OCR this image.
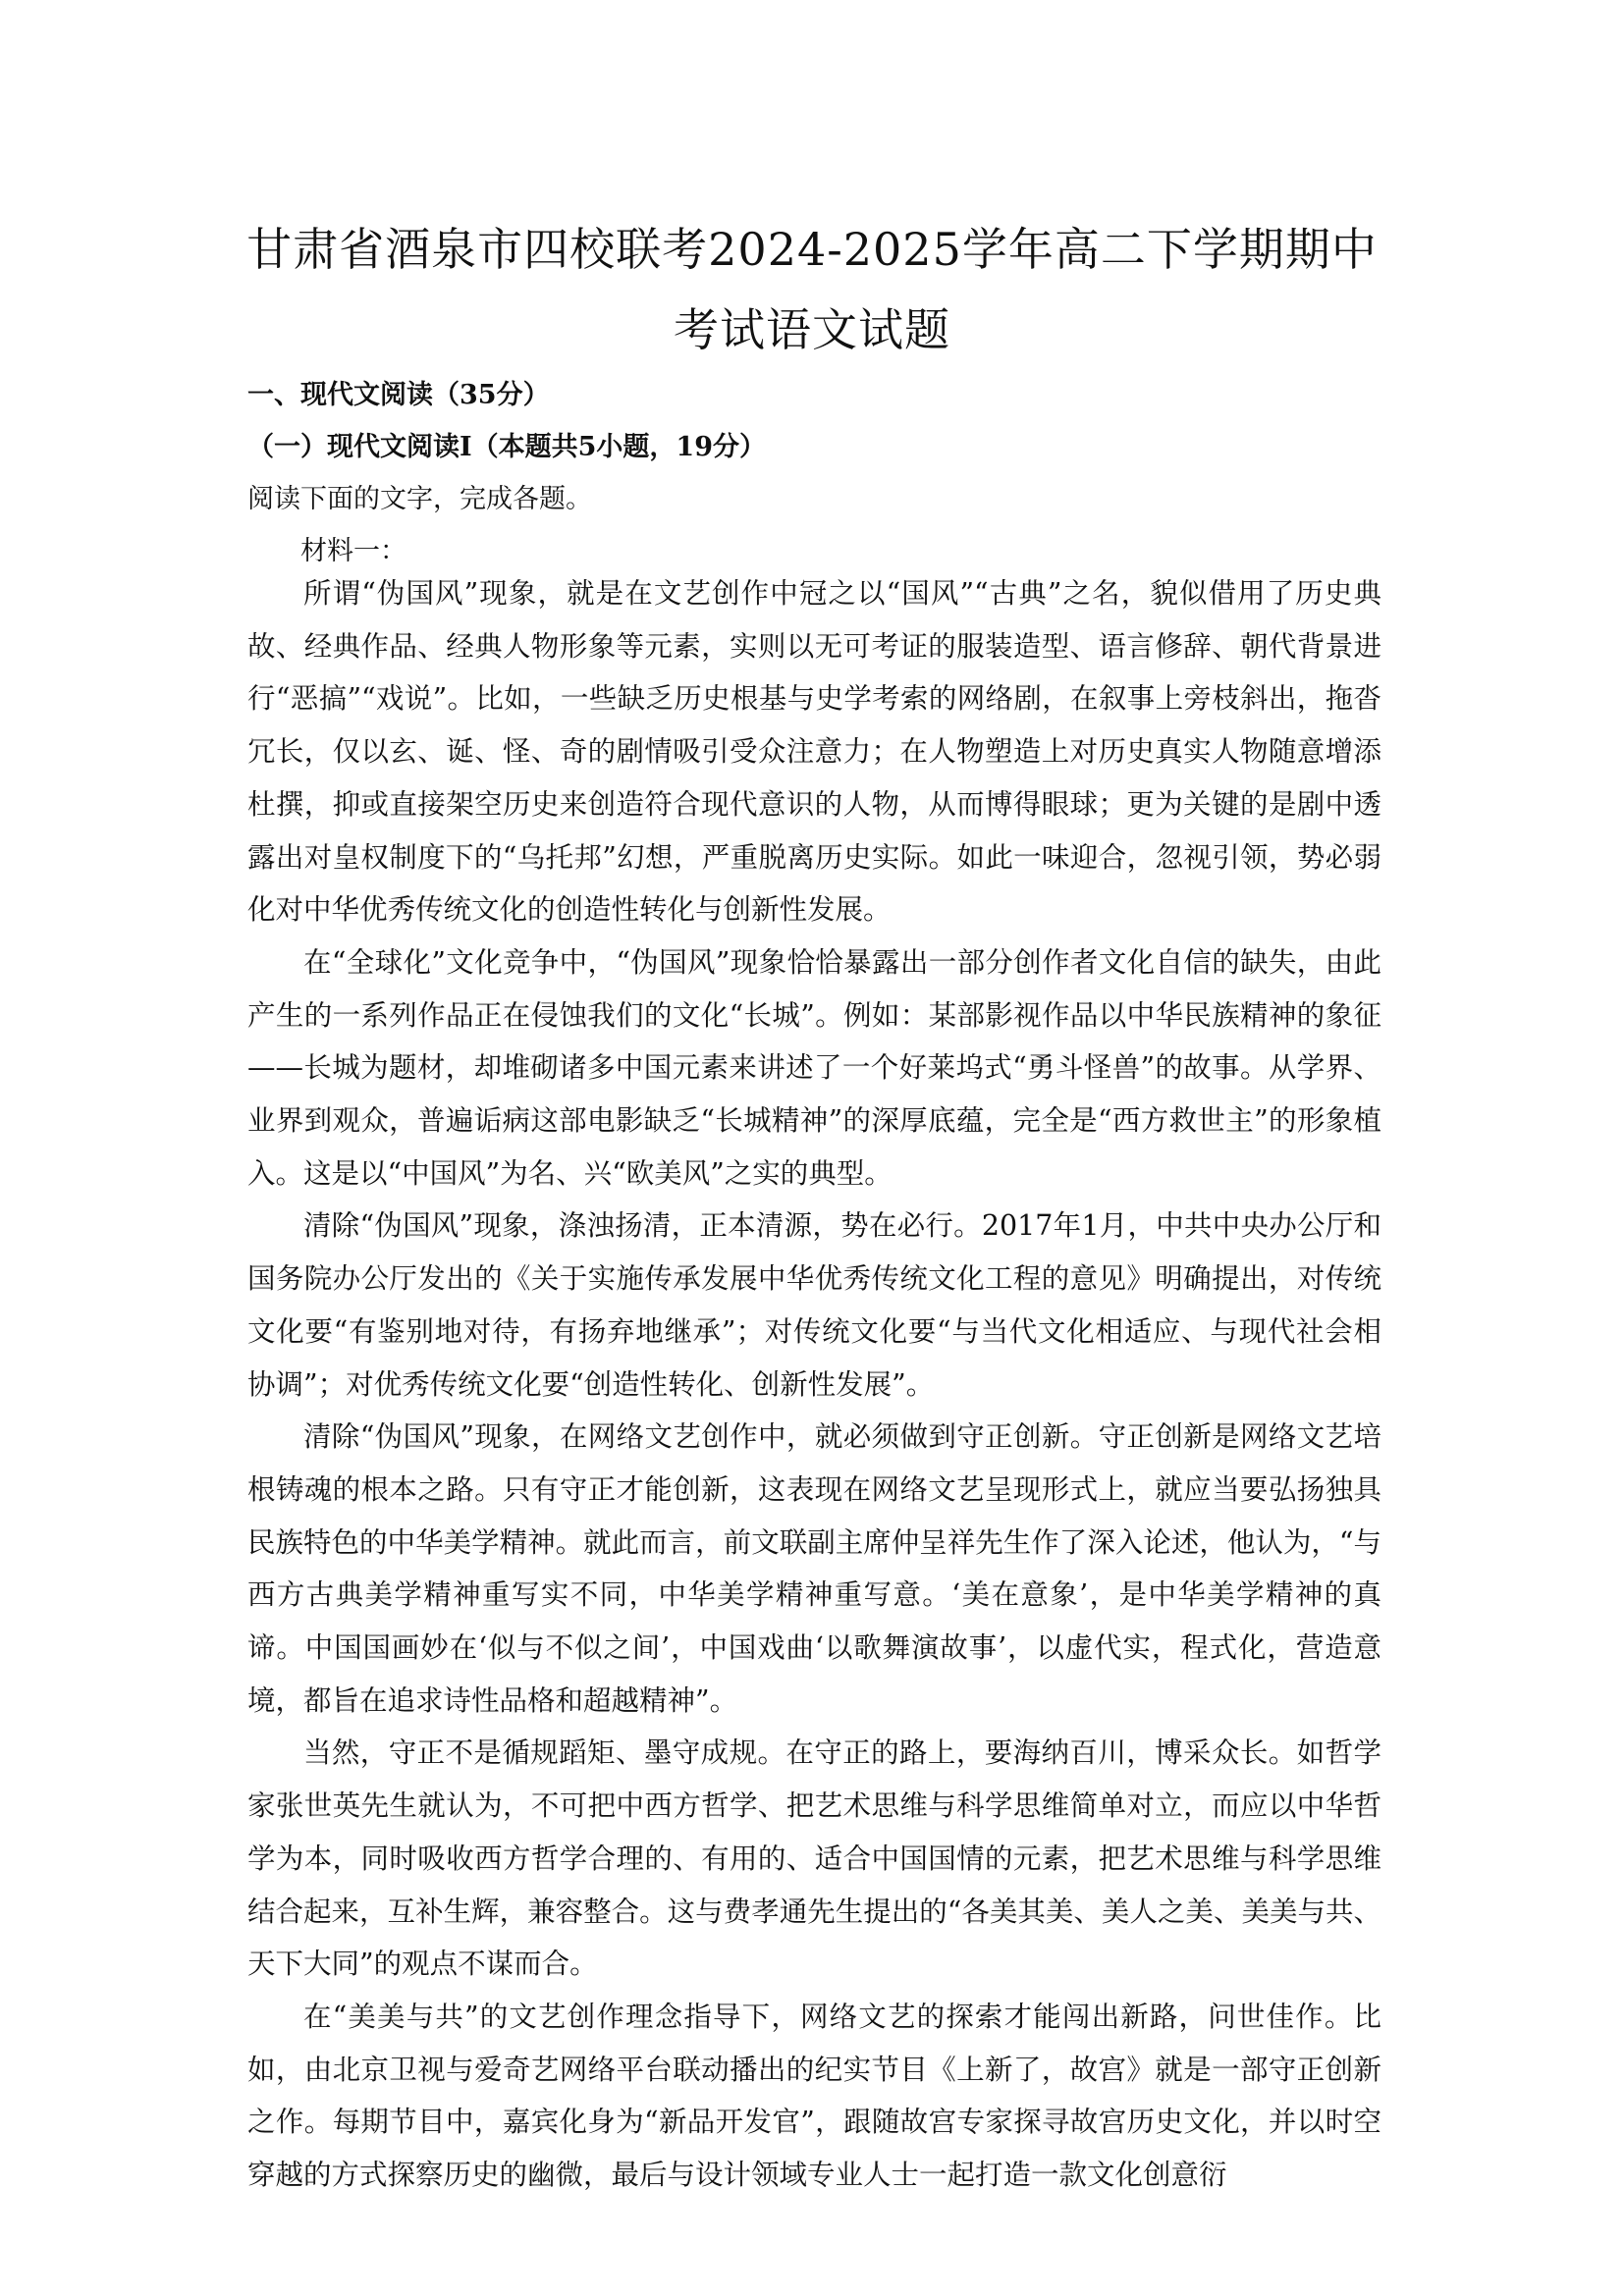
甘肃省酒泉市四校联考2024-2025学年高二下学期期中
考试语文试题
一、现代文阅读（35分）
（一）现代文阅读Ⅰ（本题共5小题，19分）
阅读下面的文字，完成各题。
材料一：

所谓“伪国风”现象，就是在文艺创作中冠之以“国风”“古典”之名，貌似借用了历史典故、经典作品、经典人物形象等元素，实则以无可考证的服装造型、语言修辞、朝代背景进行“恶搞”“戏说”。比如，一些缺乏历史根基与史学考索的网络剧，在叙事上旁枝斜出，拖沓冗长，仅以玄、诞、怪、奇的剧情吸引受众注意力；在人物塑造上对历史真实人物随意增添杜撰，抑或直接架空历史来创造符合现代意识的人物，从而博得眼球；更为关键的是剧中透露出对皇权制度下的“乌托邦”幻想，严重脱离历史实际。如此一味迎合，忽视引领，势必弱化对中华优秀传统文化的创造性转化与创新性发展。

在“全球化”文化竞争中，“伪国风”现象恰恰暴露出一部分创作者文化自信的缺失，由此产生的一系列作品正在侵蚀我们的文化“长城”。例如：某部影视作品以中华民族精神的象征——长城为题材，却堆砌诸多中国元素来讲述了一个好莱坞式“勇斗怪兽”的故事。从学界、业界到观众，普遍诟病这部电影缺乏“长城精神”的深厚底蕴，完全是“西方救世主”的形象植入。这是以“中国风”为名、兴“欧美风”之实的典型。

清除“伪国风”现象，涤浊扬清，正本清源，势在必行。2017年1月，中共中央办公厅和国务院办公厅发出的《关于实施传承发展中华优秀传统文化工程的意见》明确提出，对传统文化要“有鉴别地对待，有扬弃地继承”；对传统文化要“与当代文化相适应、与现代社会相协调”；对优秀传统文化要“创造性转化、创新性发展”。

清除“伪国风”现象，在网络文艺创作中，就必须做到守正创新。守正创新是网络文艺培根铸魂的根本之路。只有守正才能创新，这表现在网络文艺呈现形式上，就应当要弘扬独具民族特色的中华美学精神。就此而言，前文联副主席仲呈祥先生作了深入论述，他认为，“与西方古典美学精神重写实不同，中华美学精神重写意。‘美在意象’，是中华美学精神的真谛。中国国画妙在‘似与不似之间’，中国戏曲‘以歌舞演故事’，以虚代实，程式化，营造意境，都旨在追求诗性品格和超越精神”。

当然，守正不是循规蹈矩、墨守成规。在守正的路上，要海纳百川，博采众长。如哲学家张世英先生就认为，不可把中西方哲学、把艺术思维与科学思维简单对立，而应以中华哲学为本，同时吸收西方哲学合理的、有用的、适合中国国情的元素，把艺术思维与科学思维结合起来，互补生辉，兼容整合。这与费孝通先生提出的“各美其美、美人之美、美美与共、天下大同”的观点不谋而合。

在“美美与共”的文艺创作理念指导下，网络文艺的探索才能闯出新路，问世佳作。比如，由北京卫视与爱奇艺网络平台联动播出的纪实节目《上新了，故宫》就是一部守正创新之作。每期节目中，嘉宾化身为“新品开发官”，跟随故宫专家探寻故宫历史文化，并以时空穿越的方式探察历史的幽微，最后与设计领域专业人士一起打造一款文化创意衍
